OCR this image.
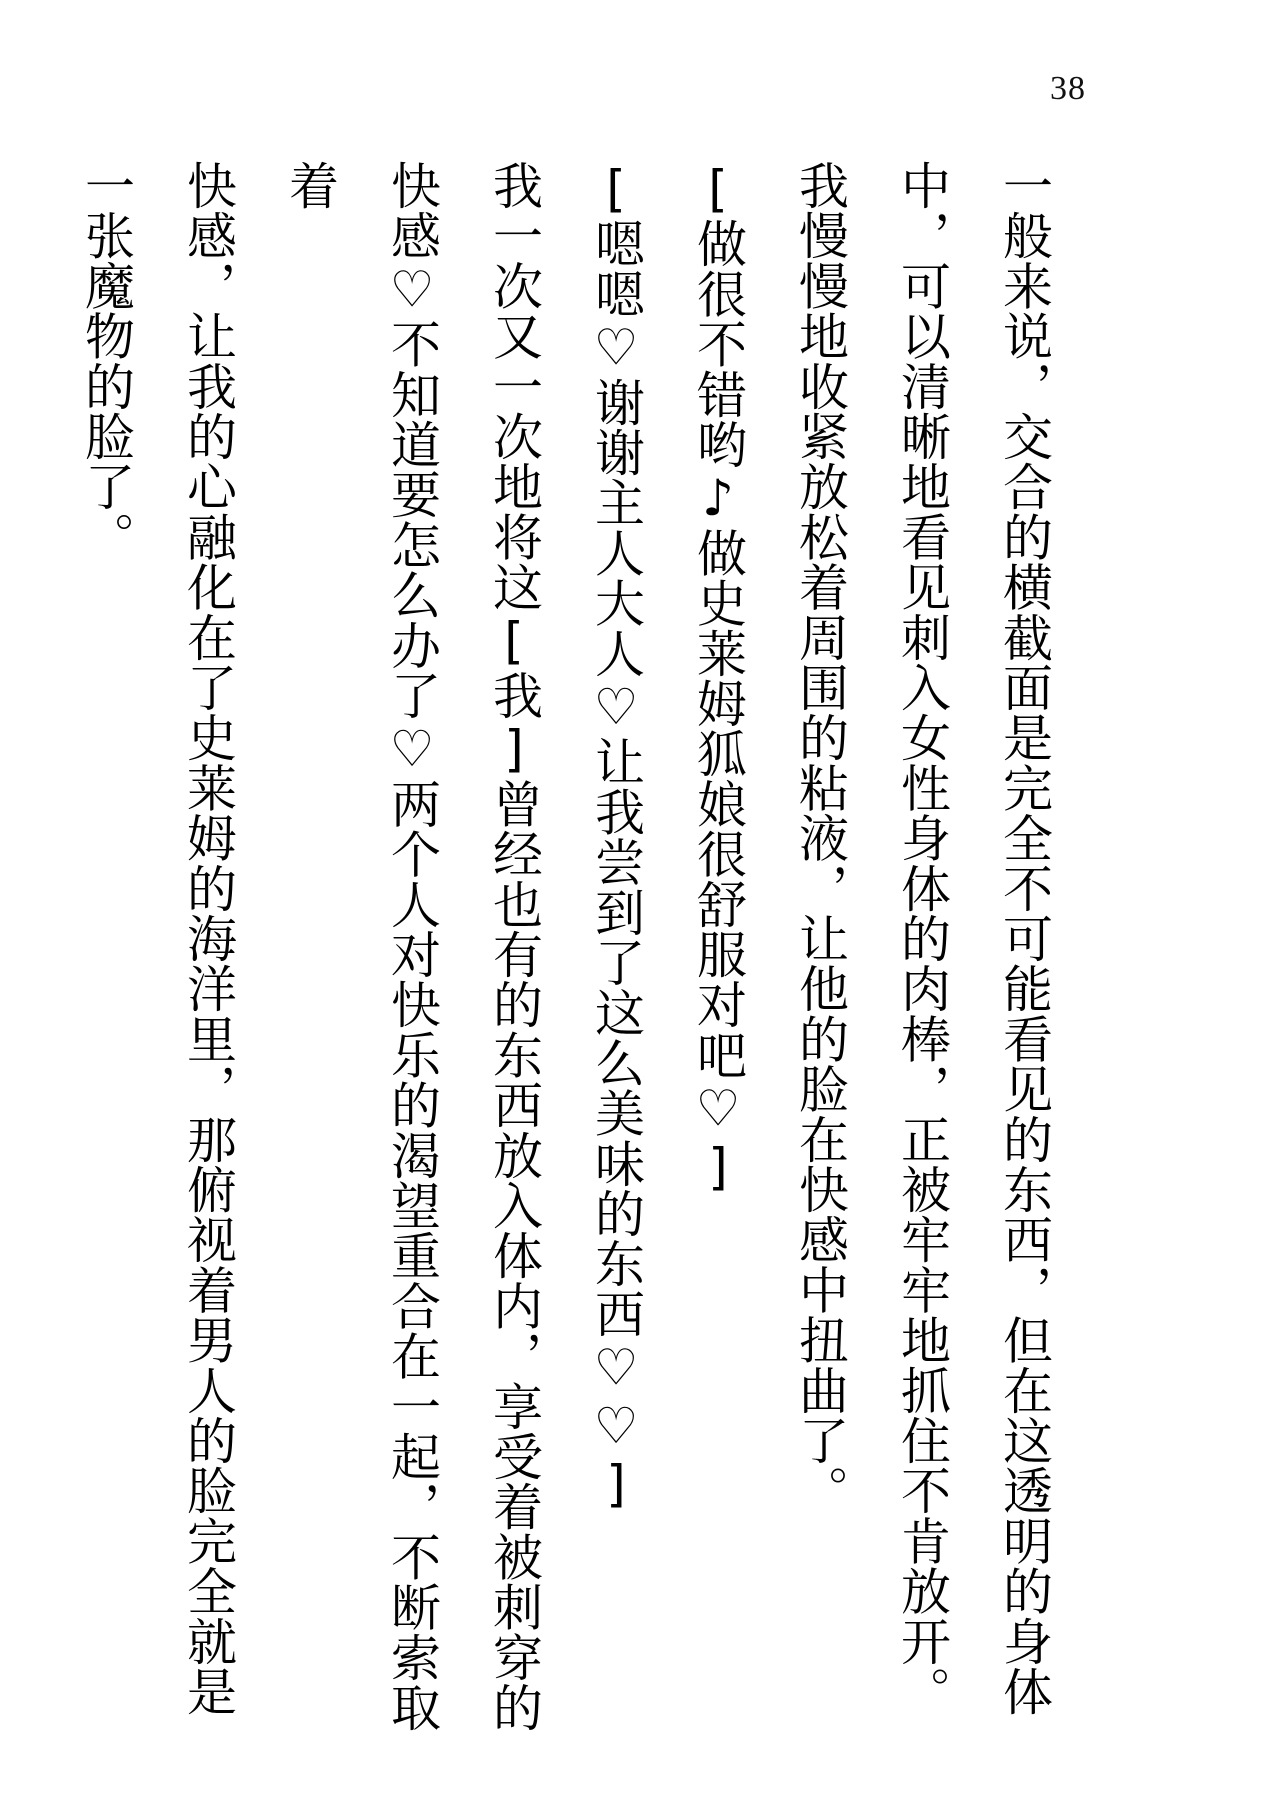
38
一般来说，交合的横截面是完全不可能看见的东西，但在这透明的身体
中，可以清晰地看见刺入女性身体的肉棒，正被牢牢地抓住不肯放开。
我慢慢地收紧放松着周围的粘液，让他的脸在快感中扭曲了。
[做很不错哟♪做史莱姆狐娘很舒服对吧♡]
[嗯嗯♡谢谢主人大人♡让我尝到了这么美味的东西♡♡]
我一次又一次地将这[我]曾经也有的东西放入体内，享受着被刺穿的
快感♡不知道要怎么办了♡两个人对快乐的渴望重合在一起，不断索取着
快感，让我的心融化在了史莱姆的海洋里，那俯视着男人的脸完全就是
一张魔物的脸了。
